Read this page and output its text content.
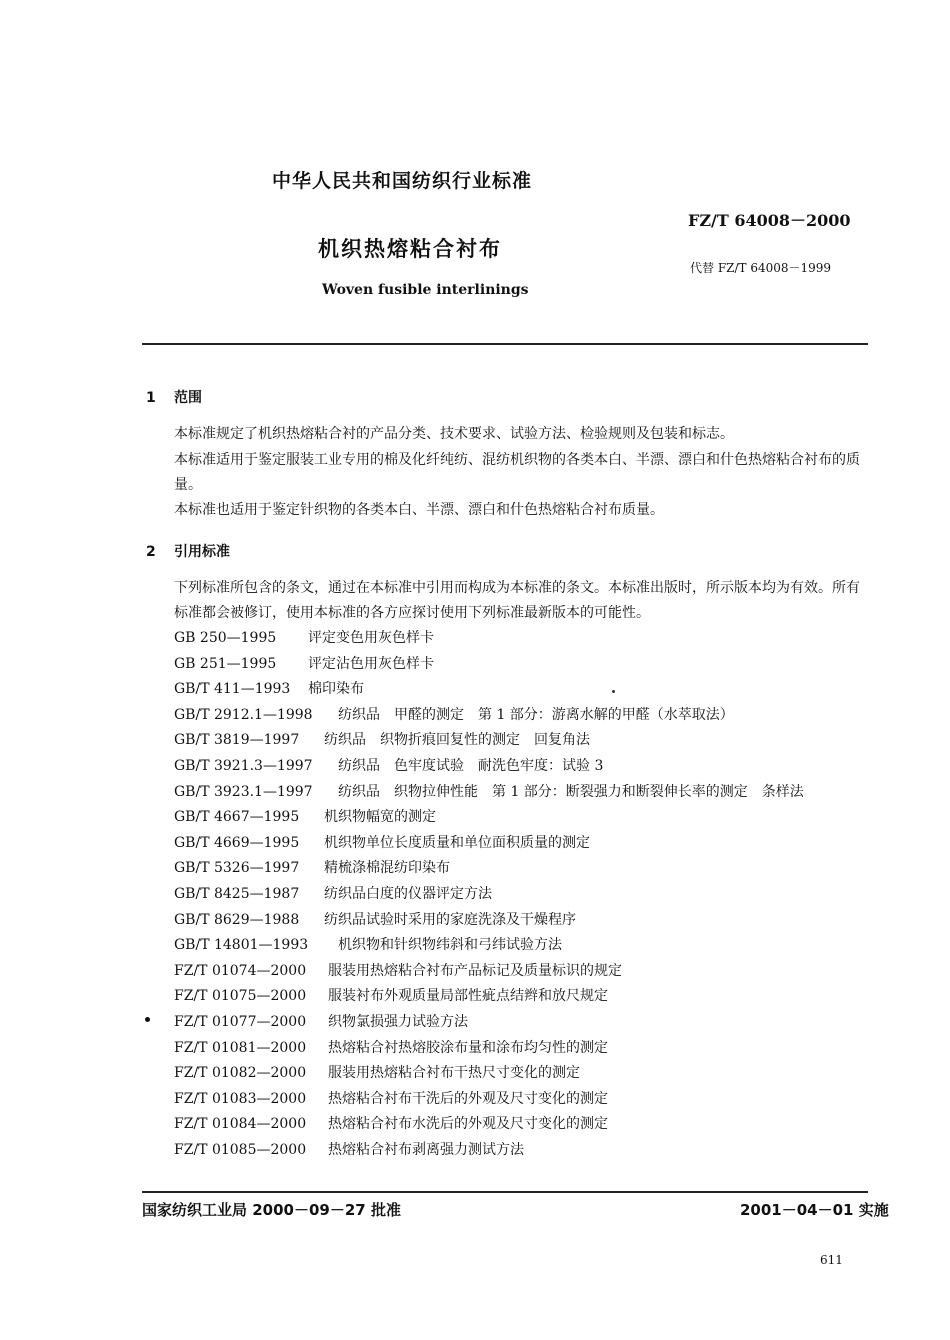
中华人民共和国纺织行业标准
FZ/T 64008－2000
机织热熔粘合衬布
代替 FZ/T 64008－1999
Woven fusible interlinings
1 范围
本标准规定了机织热熔粘合衬的产品分类、技术要求、试验方法、检验规则及包装和标志。
本标准适用于鉴定服装工业专用的棉及化纤纯纺、混纺机织物的各类本白、半漂、漂白和什色热熔粘合衬布的质量。
本标准也适用于鉴定针织物的各类本白、半漂、漂白和什色热熔粘合衬布质量。
2 引用标准
下列标准所包含的条文，通过在本标准中引用而构成为本标准的条文。本标准出版时，所示版本均为有效。所有标准都会被修订，使用本标准的各方应探讨使用下列标准最新版本的可能性。
GB 250—1995	评定变色用灰色样卡
GB 251—1995	评定沾色用灰色样卡
GB/T 411—1993	棉印染布
GB/T 2912.1—1998	纺织品　甲醛的测定　第 1 部分：游离水解的甲醛（水萃取法）
GB/T 3819—1997	纺织品　织物折痕回复性的测定　回复角法
GB/T 3921.3—1997	纺织品　色牢度试验　耐洗色牢度：试验 3
GB/T 3923.1—1997	纺织品　织物拉伸性能　第 1 部分：断裂强力和断裂伸长率的测定　条样法
GB/T 4667—1995	机织物幅宽的测定
GB/T 4669—1995	机织物单位长度质量和单位面积质量的测定
GB/T 5326—1997	精梳涤棉混纺印染布
GB/T 8425—1987	纺织品白度的仪器评定方法
GB/T 8629—1988	纺织品试验时采用的家庭洗涤及干燥程序
GB/T 14801—1993	机织物和针织物纬斜和弓纬试验方法
FZ/T 01074—2000	服装用热熔粘合衬布产品标记及质量标识的规定
FZ/T 01075—2000	服装衬布外观质量局部性疵点结辫和放尺规定
FZ/T 01077—2000	织物氯损强力试验方法
FZ/T 01081—2000	热熔粘合衬热熔胶涂布量和涂布均匀性的测定
FZ/T 01082—2000	服装用热熔粘合衬布干热尺寸变化的测定
FZ/T 01083—2000	热熔粘合衬布干洗后的外观及尺寸变化的测定
FZ/T 01084—2000	热熔粘合衬布水洗后的外观及尺寸变化的测定
FZ/T 01085—2000	热熔粘合衬布剥离强力测试方法
国家纺织工业局 2000－09－27 批准	2001－04－01 实施
611
